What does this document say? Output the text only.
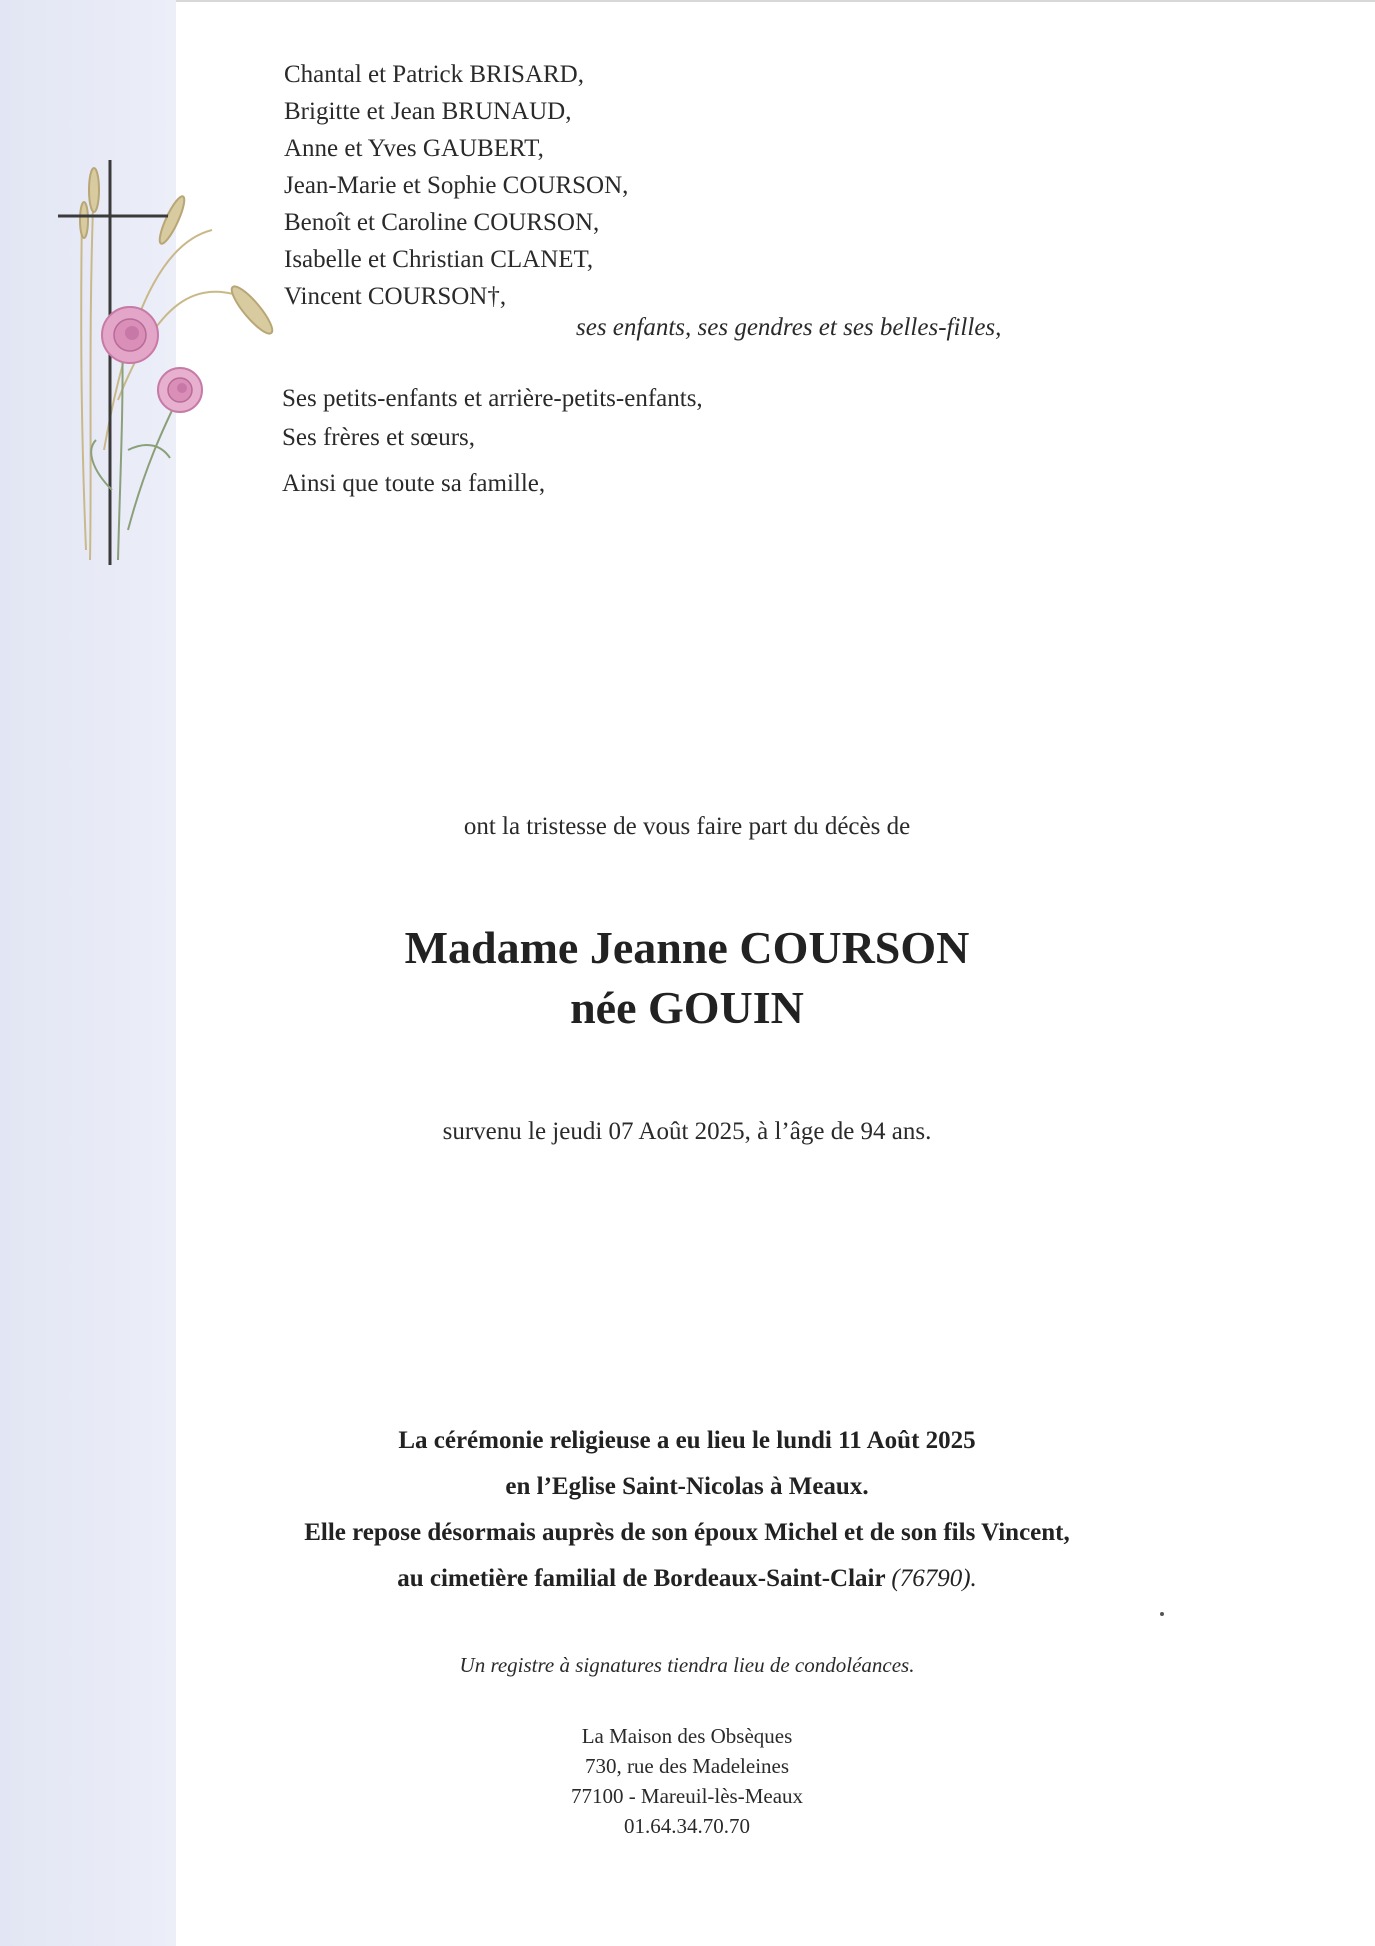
Chantal et Patrick BRISARD,
Brigitte et Jean BRUNAUD,
Anne et Yves GAUBERT,
Jean-Marie et Sophie COURSON,
Benoît et Caroline COURSON,
Isabelle et Christian CLANET,
Vincent COURSON†,
ses enfants, ses gendres et ses belles-filles,
Ses petits-enfants et arrière-petits-enfants,
Ses frères et sœurs,
Ainsi que toute sa famille,
ont la tristesse de vous faire part du décès de
Madame Jeanne COURSON
née GOUIN
survenu le jeudi 07 Août 2025, à l’âge de 94 ans.
La cérémonie religieuse a eu lieu le lundi 11 Août 2025
en l’Eglise Saint-Nicolas à Meaux.
Elle repose désormais auprès de son époux Michel et de son fils Vincent,
au cimetière familial de Bordeaux-Saint-Clair (76790).
Un registre à signatures tiendra lieu de condoléances.
La Maison des Obsèques
730, rue des Madeleines
77100 - Mareuil-lès-Meaux
01.64.34.70.70
